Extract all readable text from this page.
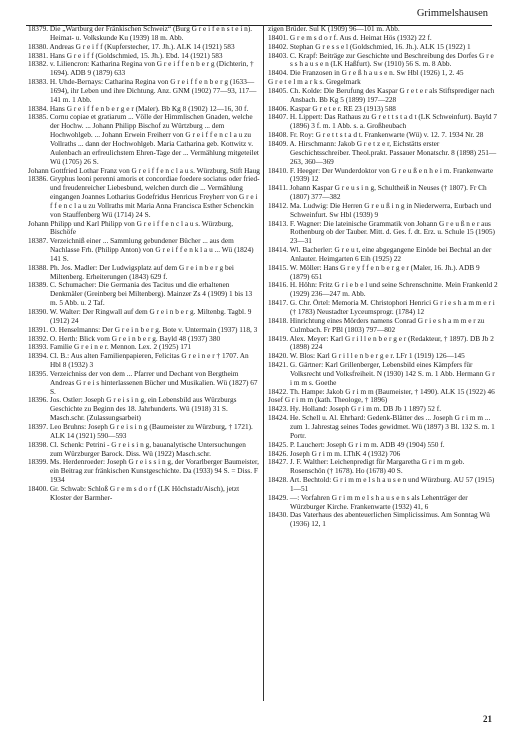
Grimmelshausen

18379. Die „Wartburg der Fränkischen Schweiz“ (Burg G r e i f e n s t e i n). Heimat- u. Volkskunde Ku (1939) 18 m. Abb.

18380. Andreas G r e i f f (Kupferstecher, 17. Jh.). ALK 14 (1921) 583

18381. Hans G r e i f f (Goldschmied, 15. Jh.). Ebd. 14 (1921) 583

18382. v. Liliencron: Katharina Regina von G r e i f f e n b e r g (Dichterin, † 1694). ADB 9 (1879) 633

18383. H. Uhde-Bernays: Catharina Regina von G r e i f f e n b e r g (1633—1694), ihr Leben und ihre Dichtung. Anz. GNM (1902) 77—93, 117—141 m. 1 Abb.

18384. Hans G r e i f f e n b e r g e r (Maler). Bb Kg 8 (1902) 12—16, 30 f.

18385. Cornu copiae et gratiarum ... Völle der Himmlischen Gnaden, welche der Hochw. ... Johann Philipp Bischof zu Würtzburg ... dem Hochwohlgeb. ... Johann Erwein Freiherr von G r e i f f e n c l a u zu Vollraths ... dann der Hochwohlgeb. Maria Catharina geb. Kottwitz v. Aulenbach an erfreulichstem Ehren-Tage der ... Vermählung mitgeteilet Wü (1705) 26 S.

Johann Gottfried Lothar Franz von G r e i f f e n c l a u s. Würzburg, Stift Haug

18386. Gryphus leoni perenni amoris et concordiae foedere sociatus oder fried- und freudenreicher Liebesbund, welchen durch die ... Vermählung eingangen Joannes Lotharius Godefridus Henricus Freyherr von G r e i f f e n c l a u zu Vollraths mit Maria Anna Francisca Esther Schenckin von Stauffenberg Wü (1714) 24 S.

Johann Philipp und Karl Philipp von G r e i f f e n c l a u s. Würzburg, Bischöfe

18387. Verzeichniß einer ... Sammlung gebundener Bücher ... aus dem Nachlasse Frh. (Philipp Anton) von G r e i f f e n k l a u ... Wü (1824) 141 S.

18388. Ph. Jos. Madler: Der Ludwigsplatz auf dem G r e i n b e r g bei Miltenberg. Erheiterungen (1843) 629 f.

18389. C. Schumacher: Die Germania des Tacitus und die erhaltenen Denkmäler (Greinberg bei Miltenberg). Mainzer Zs 4 (1909) 1 bis 13 m. 5 Abb. u. 2 Taf.

18390. W. Walter: Der Ringwall auf dem G r e i n b e r g. Miltenbg. Tagbl. 9 (1912) 24

18391. O. Henselmanns: Der G r e i n b e r g. Bote v. Untermain (1937) 118, 3

18392. O. Herth: Blick vom G r e i n b e r g. Bayld 48 (1937) 380

18393. Familie G r e i n e r. Mennon. Lex. 2 (1925) 171

18394. Cl. B.: Aus alten Familienpapieren, Felicitas G r e i n e r † 1707. An Hbl 8 (1932) 3

18395. Verzeichniss der von dem ... Pfarrer und Dechant von Bergtheim Andreas G r e i s hinterlassenen Bücher und Musikalien. Wü (1827) 67 S.

18396. Jos. Ostler: Joseph G r e i s i n g, ein Lebensbild aus Würzburgs Geschichte zu Beginn des 18. Jahrhunderts. Wü (1918) 31 S. Masch.schr. (Zulassungsarbeit)

18397. Leo Bruhns: Joseph G r e i s i n g (Baumeister zu Würzburg, † 1721). ALK 14 (1921) 590—593

18398. Cl. Schenk: Petrini - G r e i s i n g, bauanalytische Untersuchungen zum Würzburger Barock. Diss. Wü (1922) Masch.schr.

18399. Ms. Herdenroeder: Joseph G r e i s s i n g, der Vorarlberger Baumeister, ein Beitrag zur fränkischen Kunstgeschichte. Da (1933) 94 S. = Diss. F 1934

18400. Gr. Schwab: Schloß G r e m s d o r f (LK Höchstadt/Aisch), jetzt Kloster der Barmher-

zigen Brüder. Sul K (1909) 96—101 m. Abb.

18401. G r e m s d o r f. Aus d. Heimat Hös (1932) 22 f.

18402. Stephan G r e s s e l (Goldschmied, 16. Jh.). ALK 15 (1922) 1

18403. C. Krapf: Beiträge zur Geschichte und Beschreibung des Dorfes G r e s s h a u s e n (LK Haßfurt). Sw (1910) 56 S. m. 8 Abb.

18404. Die Franzosen in G r e ß h a u s e n. Sw Hbl (1926) 1, 2. 45

G r e t e l m a r k s. Gregelmark

18405. Ch. Kolde: Die Berufung des Kaspar G r e t e r als Stiftsprediger nach Ansbach. Bb Kg 5 (1899) 197—228

18406. Kaspar G r e t e r. RE 23 (1913) 588

18407. H. Lippert: Das Rathaus zu G r e t t s t a d t (LK Schweinfurt). Bayld 7 (1896) 3 f. m. 1 Abb. s. a. Großheubach

18408. Fr. Roy: G r e t t s t a d t. Frankenwarte (Wü) v. 12. 7. 1934 Nr. 28

18409. A. Hirschmann: Jakob G r e t z e r, Eichstätts erster Geschichtsschreiber. Theol.prakt. Passauer Monatschr. 8 (1898) 251—263, 360—369

18410. F. Heeger: Der Wunderdoktor von G r e u ß e n h e i m. Frankenwarte (1939) 12

18411. Johann Kaspar G r e u s i n g, Schultheiß in Neuses († 1807). Fr Ch (1807) 377—382

18412. Ma. Ludwig: Die Herren G r e u ß i n g in Niederwerra, Eurbach und Schweinfurt. Sw Hbl (1939) 9

18413. F. Wagner: Die lateinische Grammatik von Johann G r e u ß n e r aus Rothenburg ob der Tauber. Mitt. d. Ges. f. dt. Erz. u. Schule 15 (1905) 23—31

18414. Wl. Bacherler: G r e u t, eine abgegangene Einöde bei Bechtal an der Anlauter. Heimgarten 6 Eih (1925) 22

18415. W. Möller: Hans G r e y f f e n b e r g e r (Maler, 16. Jh.). ADB 9 (1879) 651

18416. H. Höhn: Fritz G r i e b e l und seine Schrenschnitte. Mein Frankenld 2 (1929) 236—247 m. Abb.

18417. G. Chr. Örtel: Memoria M. Christophori Henrici G r i e s h a m m e r i († 1783) Neustadter Lyceumsprogr. (1784) 12

18418. Hinrichtung eines Mörders namens Conrad G r i e s h a m m e r zu Culmbach. Fr PBl (1803) 797—802

18419. Alex. Meyer: Karl G r i l l e n b e r g e r (Redakteur, † 1897). DB Jb 2 (1898) 224

18420. W. Blos: Karl G r i l l e n b e r g e r. LFr 1 (1919) 126—145

18421. G. Gärtner: Karl Grillenberger, Lebensbild eines Kämpfers für Volksrecht und Volksfreiheit. N (1930) 142 S. m. 1 Abb. Hermann G r i m m s. Goethe

18422. Th. Hampe: Jakob G r i m m (Baumeister, † 1490). ALK 15 (1922) 46

Josef G r i m m (kath. Theologe, † 1896)

18423. Hy. Holland: Joseph G r i m m. DB Jb 1 1897) 52 f.

18424. He. Schell u. Al. Ehrhard: Gedenk-Blätter des ... Joseph G r i m m ... zum 1. Jahrestag seines Todes gewidmet. Wü (1897) 3 Bl. 132 S. m. 1 Portr.

18425. P. Lauchert: Joseph G r i m m. ADB 49 (1904) 550 f.

18426. Joseph G r i m m. LThK 4 (1932) 706

18427. J. F. Walther: Leichenpredigt für Margaretha G r i m m geb. Rosenschön († 1678). Ho (1678) 40 S.

18428. Art. Bechtold: G r i m m e l s h a u s e n und Würzburg. AU 57 (1915) 1—51

18429. —: Vorfahren G r i m m e l s h a u s e n s als Lehenträger der Würzburger Kirche. Frankenwarte (1932) 41, 6

18430. Das Vaterhaus des abenteuerlichen Simplicissimus. Am Sonntag Wü (1936) 12, 1

21
